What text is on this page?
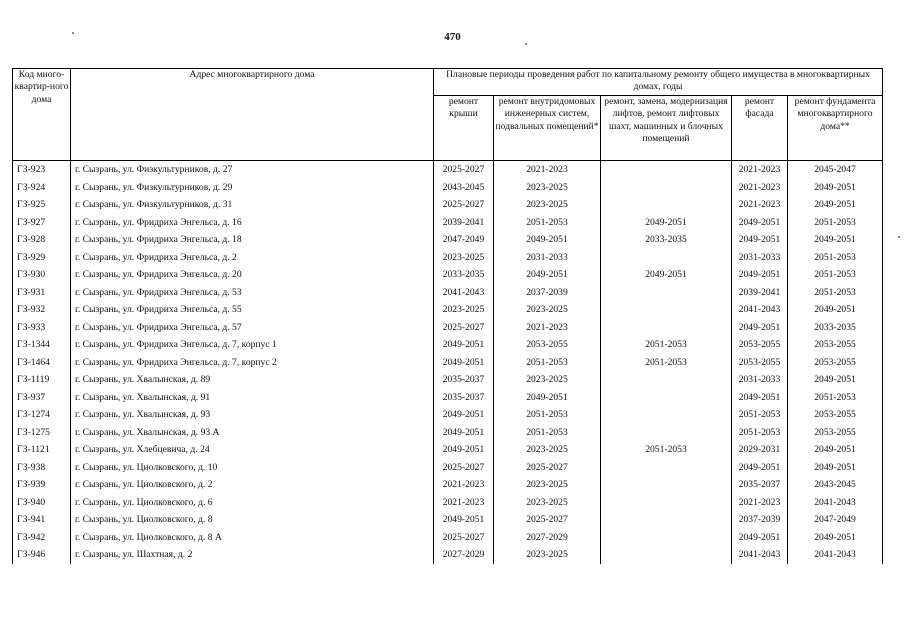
470
Код много-квартир-ного дома	Адрес многоквартирного дома	Плановые периоды проведения работ по капитальному ремонту общего имущества в многоквартирных домах, годы				
		ремонт крыши	ремонт внутридомовых инженерных систем, подвальных помещений*	ремонт, замена, модернизация лифтов, ремонт лифтовых шахт, машинных и блочных помещений	ремонт фасада	ремонт фундамента многоквартирного дома**
ГЗ-923	г. Сызрань, ул. Физкультурников, д. 27	2025-2027	2021-2023		2021-2023	2045-2047
ГЗ-924	г. Сызрань, ул. Физкультурников, д. 29	2043-2045	2023-2025		2021-2023	2049-2051
ГЗ-925	г. Сызрань, ул. Физкультурников, д. 31	2025-2027	2023-2025		2021-2023	2049-2051
ГЗ-927	г. Сызрань, ул. Фридриха Энгельса, д. 16	2039-2041	2051-2053	2049-2051	2049-2051	2051-2053
ГЗ-928	г. Сызрань, ул. Фридриха Энгельса, д. 18	2047-2049	2049-2051	2033-2035	2049-2051	2049-2051
ГЗ-929	г. Сызрань, ул. Фридриха Энгельса, д. 2	2023-2025	2031-2033		2031-2033	2051-2053
ГЗ-930	г. Сызрань, ул. Фридриха Энгельса, д. 20	2033-2035	2049-2051	2049-2051	2049-2051	2051-2053
ГЗ-931	г. Сызрань, ул. Фридриха Энгельса, д. 53	2041-2043	2037-2039		2039-2041	2051-2053
ГЗ-932	г. Сызрань, ул. Фридриха Энгельса, д. 55	2023-2025	2023-2025		2041-2043	2049-2051
ГЗ-933	г. Сызрань, ул. Фридриха Энгельса, д. 57	2025-2027	2021-2023		2049-2051	2033-2035
ГЗ-1344	г. Сызрань, ул. Фридриха Энгельса, д. 7, корпус 1	2049-2051	2053-2055	2051-2053	2053-2055	2053-2055
ГЗ-1464	г. Сызрань, ул. Фридриха Энгельса, д. 7, корпус 2	2049-2051	2051-2053	2051-2053	2053-2055	2053-2055
ГЗ-1119	г. Сызрань, ул. Хвалынская, д. 89	2035-2037	2023-2025		2031-2033	2049-2051
ГЗ-937	г. Сызрань, ул. Хвалынская, д. 91	2035-2037	2049-2051		2049-2051	2051-2053
ГЗ-1274	г. Сызрань, ул. Хвалынская, д. 93	2049-2051	2051-2053		2051-2053	2053-2055
ГЗ-1275	г. Сызрань, ул. Хвалынская, д. 93 А	2049-2051	2051-2053		2051-2053	2053-2055
ГЗ-1121	г. Сызрань, ул. Хлебцевича, д. 24	2049-2051	2023-2025	2051-2053	2029-2031	2049-2051
ГЗ-938	г. Сызрань, ул. Циолковского, д. 10	2025-2027	2025-2027		2049-2051	2049-2051
ГЗ-939	г. Сызрань, ул. Циолковского, д. 2	2021-2023	2023-2025		2035-2037	2043-2045
ГЗ-940	г. Сызрань, ул. Циолковского, д. 6	2021-2023	2023-2025		2021-2023	2041-2043
ГЗ-941	г. Сызрань, ул. Циолковского, д. 8	2049-2051	2025-2027		2037-2039	2047-2049
ГЗ-942	г. Сызрань, ул. Циолковского, д. 8 А	2025-2027	2027-2029		2049-2051	2049-2051
ГЗ-946	г. Сызрань, ул. Шахтная, д. 2	2027-2029	2023-2025		2041-2043	2041-2043
